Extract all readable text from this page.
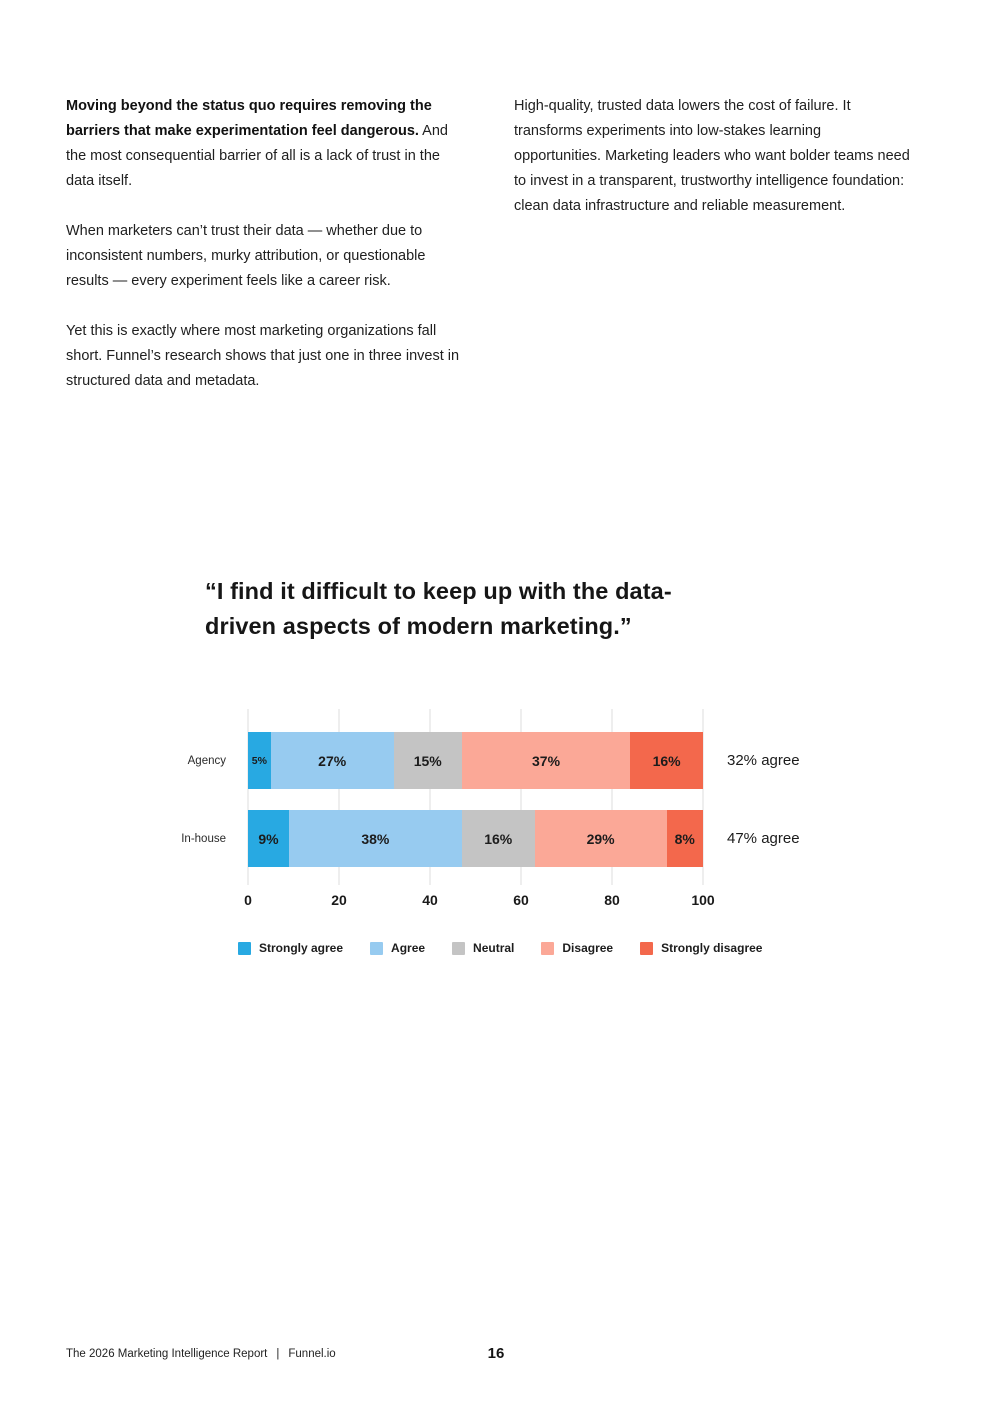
Moving beyond the status quo requires removing the barriers that make experimentation feel dangerous. And the most consequential barrier of all is a lack of trust in the data itself.

When marketers can’t trust their data — whether due to inconsistent numbers, murky attribution, or questionable results — every experiment feels like a career risk.

Yet this is exactly where most marketing organizations fall short. Funnel’s research shows that just one in three invest in structured data and metadata.

High-quality, trusted data lowers the cost of failure. It transforms experiments into low-stakes learning opportunities. Marketing leaders who want bolder teams need to invest in a transparent, trustworthy intelligence foundation: clean data infrastructure and reliable measurement.

“I find it difficult to keep up with the data-
driven aspects of modern marketing.”
Agency	5%	27%	15%	37%	16%	32% agree
In-house	9%	38%	16%	29%	8%	47% agree
0	20	40	60	80	100
Strongly agree	Agree	Neutral	Disagree	Strongly disagree
The 2026 Marketing Intelligence Report | Funnel.io	16
